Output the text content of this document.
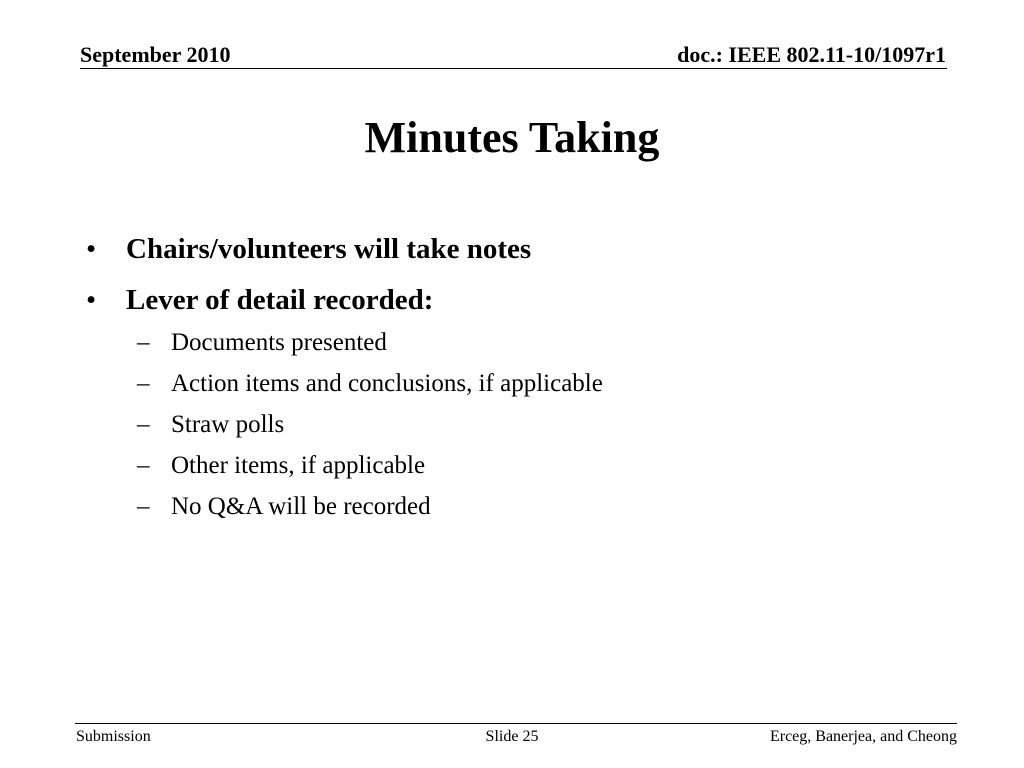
September 2010	doc.: IEEE 802.11-10/1097r1
Minutes Taking
• Chairs/volunteers will take notes
• Lever of detail recorded:
– Documents presented
– Action items and conclusions, if applicable
– Straw polls
– Other items, if applicable
– No Q&A will be recorded
Submission	Slide 25	Erceg, Banerjea, and Cheong
